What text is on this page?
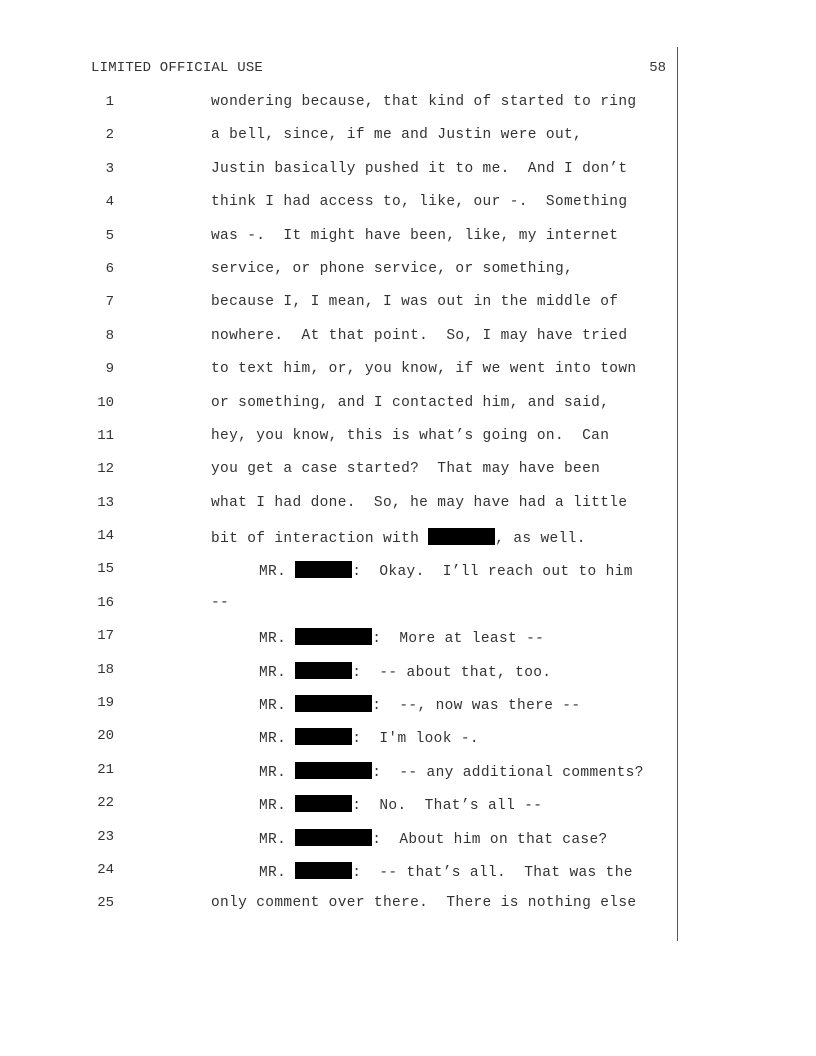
LIMITED OFFICIAL USE	58
1	wondering because, that kind of started to ring
2	a bell, since, if me and Justin were out,
3	Justin basically pushed it to me.  And I don’t
4	think I had access to, like, our -.  Something
5	was -.  It might have been, like, my internet
6	service, or phone service, or something,
7	because I, I mean, I was out in the middle of
8	nowhere.  At that point.  So, I may have tried
9	to text him, or, you know, if we went into town
10	or something, and I contacted him, and said,
11	hey, you know, this is what’s going on.  Can
12	you get a case started?  That may have been
13	what I had done.  So, he may have had a little
14	bit of interaction with	, as well.
15	MR.	:  Okay.  I’ll reach out to him
16	--
17	MR.	:  More at least --
18	MR.	:  -- about that, too.
19	MR.	:  --, now was there --
20	MR.	:  I'm look -.
21	MR.	:  -- any additional comments?
22	MR.	:  No.  That’s all --
23	MR.	:  About him on that case?
24	MR.	:  -- that’s all.  That was the
25	only comment over there.  There is nothing else
